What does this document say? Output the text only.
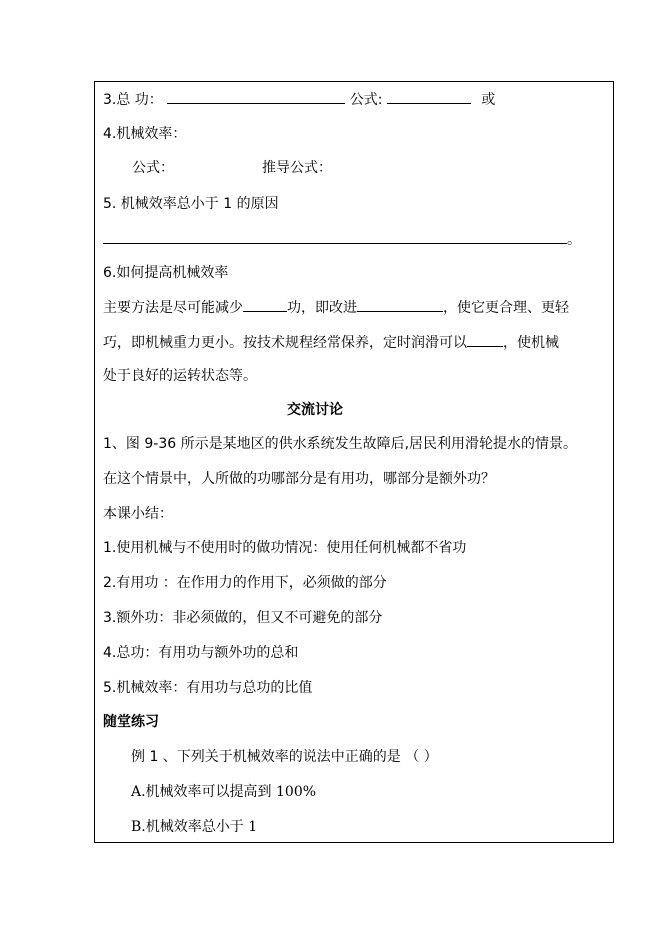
3.总 功：	公式:	或
4.机械效率：
公式：	推导公式：
5. 机械效率总小于 1 的原因
。
6.如何提高机械效率
主要方法是尽可能减少	功，即改进	，使它更合理、更轻
巧，即机械重力更小。按技术规程经常保养，定时润滑可以	，使机械
处于良好的运转状态等。
交流讨论
1、图 9-36 所示是某地区的供水系统发生故障后,居民利用滑轮提水的情景。
在这个情景中，人所做的功哪部分是有用功，哪部分是额外功？
本课小结：
1.使用机械与不使用时的做功情况：使用任何机械都不省功
2.有用功 ：在作用力的作用下，必须做的部分
3.额外功：非必须做的，但又不可避免的部分
4.总功：有用功与额外功的总和
5.机械效率：有用功与总功的比值
随堂练习
例 1 、下列关于机械效率的说法中正确的是 （ ）
A.机械效率可以提高到 100%
B.机械效率总小于 1
